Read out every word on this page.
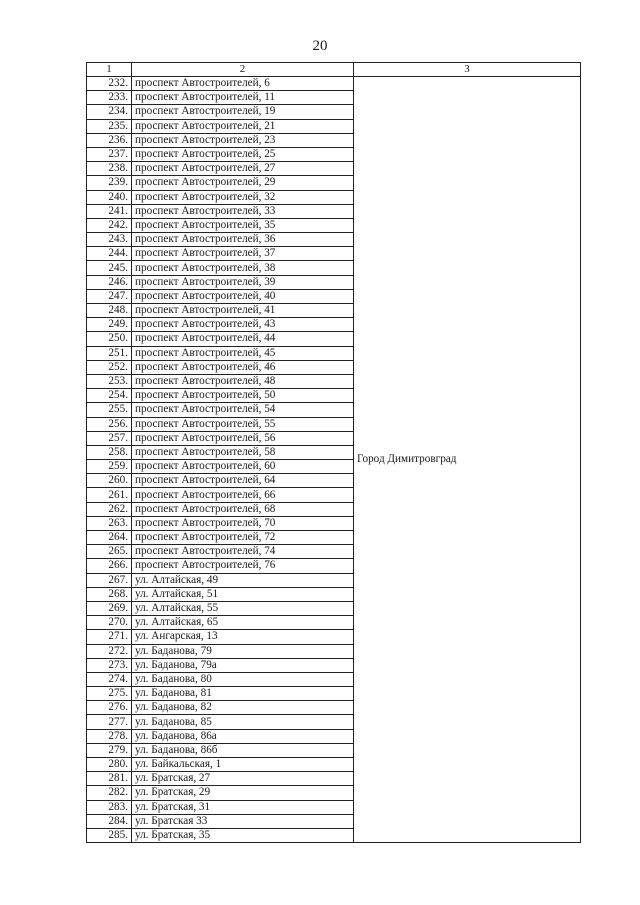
20
1	2	3
232.	проспект Автостроителей, 6	Город Димитровград
233.	проспект Автостроителей, 11	
234.	проспект Автостроителей, 19	
235.	проспект Автостроителей, 21	
236.	проспект Автостроителей, 23	
237.	проспект Автостроителей, 25	
238.	проспект Автостроителей, 27	
239.	проспект Автостроителей, 29	
240.	проспект Автостроителей, 32	
241.	проспект Автостроителей, 33	
242.	проспект Автостроителей, 35	
243.	проспект Автостроителей, 36	
244.	проспект Автостроителей, 37	
245.	проспект Автостроителей, 38	
246.	проспект Автостроителей, 39	
247.	проспект Автостроителей, 40	
248.	проспект Автостроителей, 41	
249.	проспект Автостроителей, 43	
250.	проспект Автостроителей, 44	
251.	проспект Автостроителей, 45	
252.	проспект Автостроителей, 46	
253.	проспект Автостроителей, 48	
254.	проспект Автостроителей, 50	
255.	проспект Автостроителей, 54	
256.	проспект Автостроителей, 55	
257.	проспект Автостроителей, 56	
258.	проспект Автостроителей, 58	
259.	проспект Автостроителей, 60	
260.	проспект Автостроителей, 64	
261.	проспект Автостроителей, 66	
262.	проспект Автостроителей, 68	
263.	проспект Автостроителей, 70	
264.	проспект Автостроителей, 72	
265.	проспект Автостроителей, 74	
266.	проспект Автостроителей, 76	
267.	ул. Алтайская, 49	
268.	ул. Алтайская, 51	
269.	ул. Алтайская, 55	
270.	ул. Алтайская, 65	
271.	ул. Ангарская, 13	
272.	ул. Баданова, 79	
273.	ул. Баданова, 79а	
274.	ул. Баданова, 80	
275.	ул. Баданова, 81	
276.	ул. Баданова, 82	
277.	ул. Баданова, 85	
278.	ул. Баданова, 86а	
279.	ул. Баданова, 86б	
280.	ул. Байкальская, 1	
281.	ул. Братская, 27	
282.	ул. Братская, 29	
283.	ул. Братская, 31	
284.	ул. Братская 33	
285.	ул. Братская, 35	
